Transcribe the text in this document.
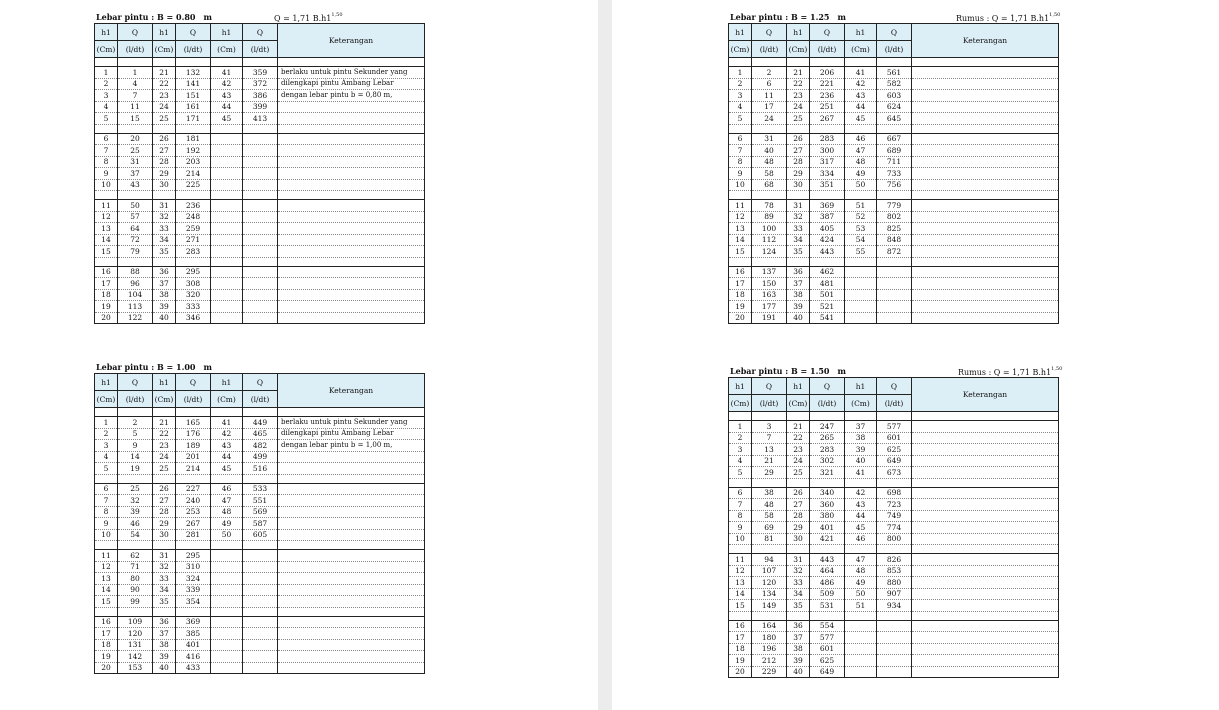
Lebar pintu : B = 0.80 m	Q = 1,71 B.h1$^{1,50}$
h1	Q	h1	Q	h1	Q	Keterangan
(Cm)	(l/dt)	(Cm)	(l/dt)	(Cm)	(l/dt)	

1	1	21	132	41	359	berlaku untuk pintu Sekunder yang
2	4	22	141	42	372	dilengkapi pintu Ambang Lebar
3	7	23	151	43	386	dengan lebar pintu b = 0,80 m,
4	11	24	161	44	399	
5	15	25	171	45	413	

6	20	26	181			
7	25	27	192			
8	31	28	203			
9	37	29	214			
10	43	30	225			

11	50	31	236			
12	57	32	248			
13	64	33	259			
14	72	34	271			
15	79	35	283			

16	88	36	295			
17	96	37	308			
18	104	38	320			
19	113	39	333			
20	122	40	346			
Lebar pintu : B = 1.25 m	Rumus : Q = 1,71 B.h1$^{1,50}$
h1	Q	h1	Q	h1	Q	Keterangan
(Cm)	(l/dt)	(Cm)	(l/dt)	(Cm)	(l/dt)	

1	2	21	206	41	561	
2	6	22	221	42	582	
3	11	23	236	43	603	
4	17	24	251	44	624	
5	24	25	267	45	645	

6	31	26	283	46	667	
7	40	27	300	47	689	
8	48	28	317	48	711	
9	58	29	334	49	733	
10	68	30	351	50	756	

11	78	31	369	51	779	
12	89	32	387	52	802	
13	100	33	405	53	825	
14	112	34	424	54	848	
15	124	35	443	55	872	

16	137	36	462			
17	150	37	481			
18	163	38	501			
19	177	39	521			
20	191	40	541			
Lebar pintu : B = 1.00 m
h1	Q	h1	Q	h1	Q	Keterangan
(Cm)	(l/dt)	(Cm)	(l/dt)	(Cm)	(l/dt)	

1	2	21	165	41	449	berlaku untuk pintu Sekunder yang
2	5	22	176	42	465	dilengkapi pintu Ambang Lebar
3	9	23	189	43	482	dengan lebar pintu b = 1,00 m,
4	14	24	201	44	499	
5	19	25	214	45	516	

6	25	26	227	46	533	
7	32	27	240	47	551	
8	39	28	253	48	569	
9	46	29	267	49	587	
10	54	30	281	50	605	

11	62	31	295			
12	71	32	310			
13	80	33	324			
14	90	34	339			
15	99	35	354			

16	109	36	369			
17	120	37	385			
18	131	38	401			
19	142	39	416			
20	153	40	433			
Lebar pintu : B = 1.50 m	Rumus : Q = 1,71 B.h1$^{1,50}$
h1	Q	h1	Q	h1	Q	Keterangan
(Cm)	(l/dt)	(Cm)	(l/dt)	(Cm)	(l/dt)	

1	3	21	247	37	577	
2	7	22	265	38	601	
3	13	23	283	39	625	
4	21	24	302	40	649	
5	29	25	321	41	673	

6	38	26	340	42	698	
7	48	27	360	43	723	
8	58	28	380	44	749	
9	69	29	401	45	774	
10	81	30	421	46	800	

11	94	31	443	47	826	
12	107	32	464	48	853	
13	120	33	486	49	880	
14	134	34	509	50	907	
15	149	35	531	51	934	

16	164	36	554			
17	180	37	577			
18	196	38	601			
19	212	39	625			
20	229	40	649			
